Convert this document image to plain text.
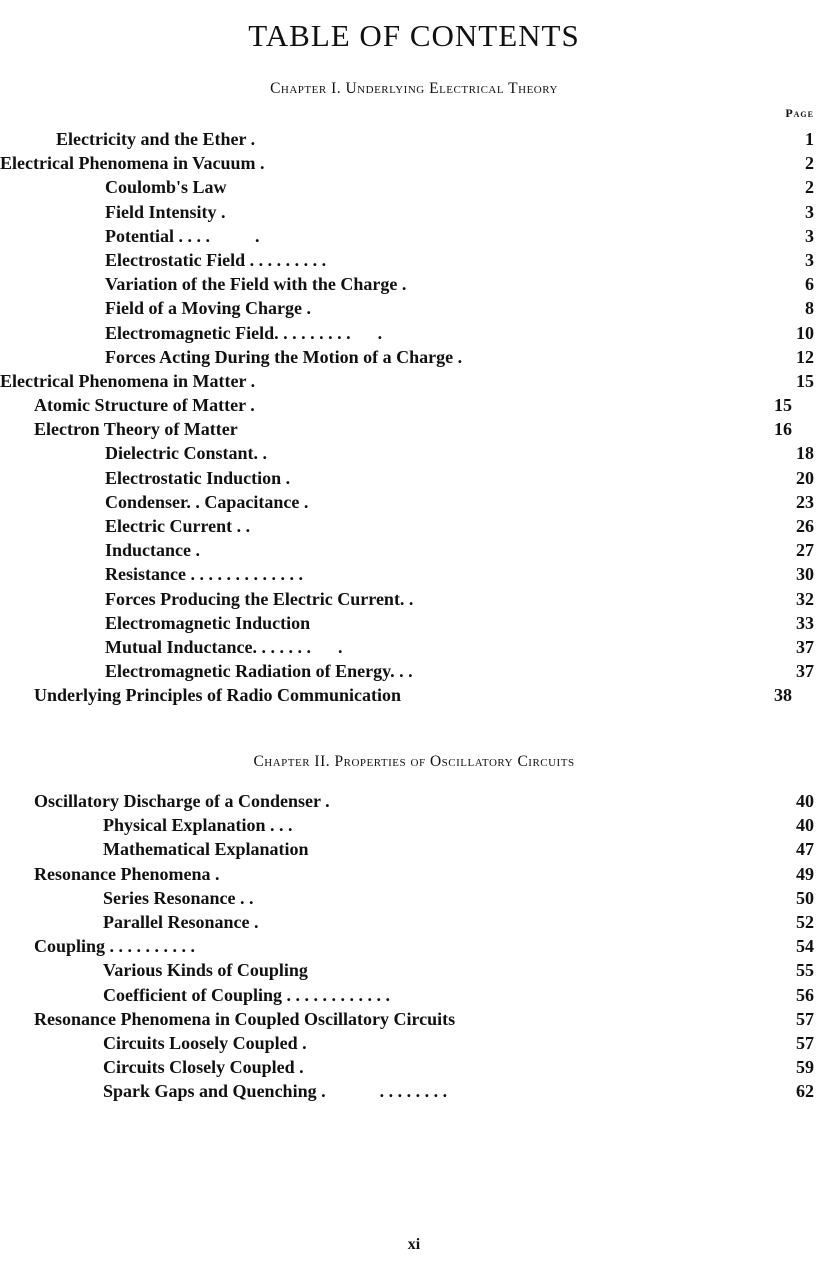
TABLE OF CONTENTS
Chapter I. Underlying Electrical Theory
Page
Electricity and the Ether .	1
Electrical Phenomena in Vacuum .	2
Coulomb's Law	2
Field Intensity .	3
Potential . . . .          .	3
Electrostatic Field . . . . . . . . .	3
Variation of the Field with the Charge .	6
Field of a Moving Charge .	8
Electromagnetic Field. . . . . . . . .      .	10
Forces Acting During the Motion of a Charge .	12
Electrical Phenomena in Matter .	15
Atomic Structure of Matter .	15
Electron Theory of Matter	16
Dielectric Constant. .	18
Electrostatic Induction .	20
Condenser. . Capacitance .	23
Electric Current . .	26
Inductance .	27
Resistance . . . . . . . . . . . . .	30
Forces Producing the Electric Current. .	32
Electromagnetic Induction	33
Mutual Inductance. . . . . . .      .	37
Electromagnetic Radiation of Energy. . .	37
Underlying Principles of Radio Communication	38
Chapter II. Properties of Oscillatory Circuits
Oscillatory Discharge of a Condenser .	40
Physical Explanation . . .	40
Mathematical Explanation	47
Resonance Phenomena .	49
Series Resonance . .	50
Parallel Resonance .	52
Coupling . . . . . . . . . .	54
Various Kinds of Coupling	55
Coefficient of Coupling . . . . . . . . . . . .	56
Resonance Phenomena in Coupled Oscillatory Circuits	57
Circuits Loosely Coupled .	57
Circuits Closely Coupled .	59
Spark Gaps and Quenching .            . . . . . . . .	62
xi
